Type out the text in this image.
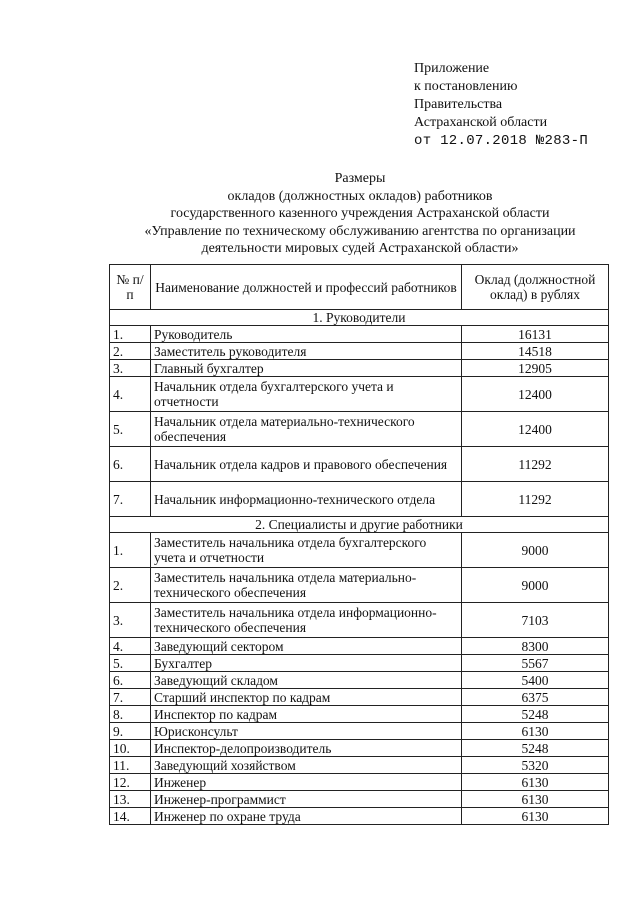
Приложение
к постановлению
Правительства
Астраханской области
от 12.07.2018 №283-П
Размеры
окладов (должностных окладов) работников
государственного казенного учреждения Астраханской области
«Управление по техническому обслуживанию агентства по организации
деятельности мировых судей Астраханской области»
№ п/п	Наименование должностей и профессий работников	Оклад (должностной оклад) в рублях
1. Руководители		
1.	Руководитель	16131
2.	Заместитель руководителя	14518
3.	Главный бухгалтер	12905
4.	Начальник отдела бухгалтерского учета и отчетности	12400
5.	Начальник отдела материально-технического обеспечения	12400
6.	Начальник отдела кадров и правового обеспечения	11292
7.	Начальник информационно-технического отдела	11292
2. Специалисты и другие работники		
1.	Заместитель начальника отдела бухгалтерского учета и отчетности	9000
2.	Заместитель начальника отдела материально-технического обеспечения	9000
3.	Заместитель начальника отдела информационно-технического обеспечения	7103
4.	Заведующий сектором	8300
5.	Бухгалтер	5567
6.	Заведующий складом	5400
7.	Старший инспектор по кадрам	6375
8.	Инспектор по кадрам	5248
9.	Юрисконсульт	6130
10.	Инспектор-делопроизводитель	5248
11.	Заведующий хозяйством	5320
12.	Инженер	6130
13.	Инженер-программист	6130
14.	Инженер по охране труда	6130
